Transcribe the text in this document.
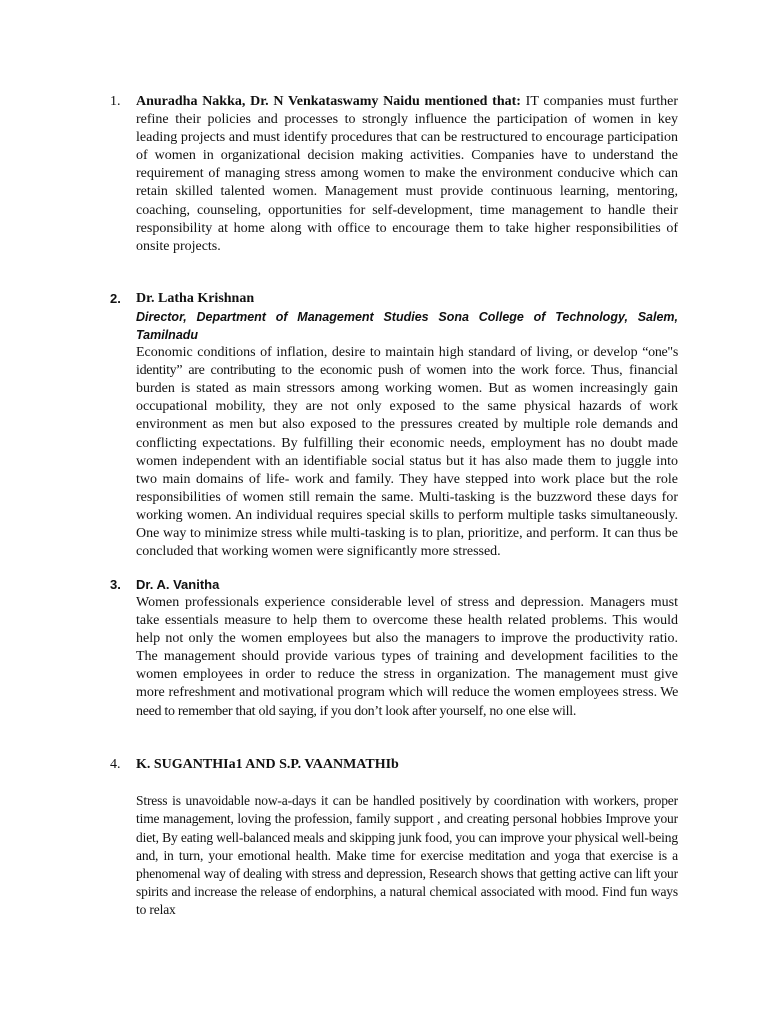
1.	Anuradha Nakka, Dr. N Venkataswamy Naidu mentioned that: IT companies must further refine their policies and processes to strongly influence the participation of women in key leading projects and must identify procedures that can be restructured to encourage participation of women in organizational decision making activities. Companies have to understand the requirement of managing stress among women to make the environment conducive which can retain skilled talented women. Management must provide continuous learning, mentoring, coaching, counseling, opportunities for self-development, time management to handle their responsibility at home along with office to encourage them to take higher responsibilities of onsite projects.
2.	Dr. Latha Krishnan
Director, Department of Management Studies Sona College of Technology, Salem, Tamilnadu
Economic conditions of inflation, desire to maintain high standard of living, or develop “one"s identity” are contributing to the economic push of women into the work force. Thus, financial burden is stated as main stressors among working women. But as women increasingly gain occupational mobility, they are not only exposed to the same physical hazards of work environment as men but also exposed to the pressures created by multiple role demands and conflicting expectations. By fulfilling their economic needs, employment has no doubt made women independent with an identifiable social status but it has also made them to juggle into two main domains of life- work and family. They have stepped into work place but the role responsibilities of women still remain the same. Multi-tasking is the buzzword these days for working women. An individual requires special skills to perform multiple tasks simultaneously. One way to minimize stress while multi-tasking is to plan, prioritize, and perform. It can thus be concluded that working women were significantly more stressed.
3.	Dr. A. Vanitha
Women professionals experience considerable level of stress and depression. Managers must take essentials measure to help them to overcome these health related problems. This would help not only the women employees but also the managers to improve the productivity ratio. The management should provide various types of training and development facilities to the women employees in order to reduce the stress in organization. The management must give more refreshment and motivational program which will reduce the women employees stress. We need to remember that old saying, if you don’t look after yourself, no one else will.
4.	K. SUGANTHIa1 AND S.P. VAANMATHIb
Stress is unavoidable now-a-days it can be handled positively by coordination with workers, proper time management, loving the profession, family support , and creating personal hobbies Improve your diet, By eating well-balanced meals and skipping junk food, you can improve your physical well-being and, in turn, your emotional health. Make time for exercise meditation and yoga that exercise is a phenomenal way of dealing with stress and depression, Research shows that getting active can lift your spirits and increase the release of endorphins, a natural chemical associated with mood. Find fun ways to relax
